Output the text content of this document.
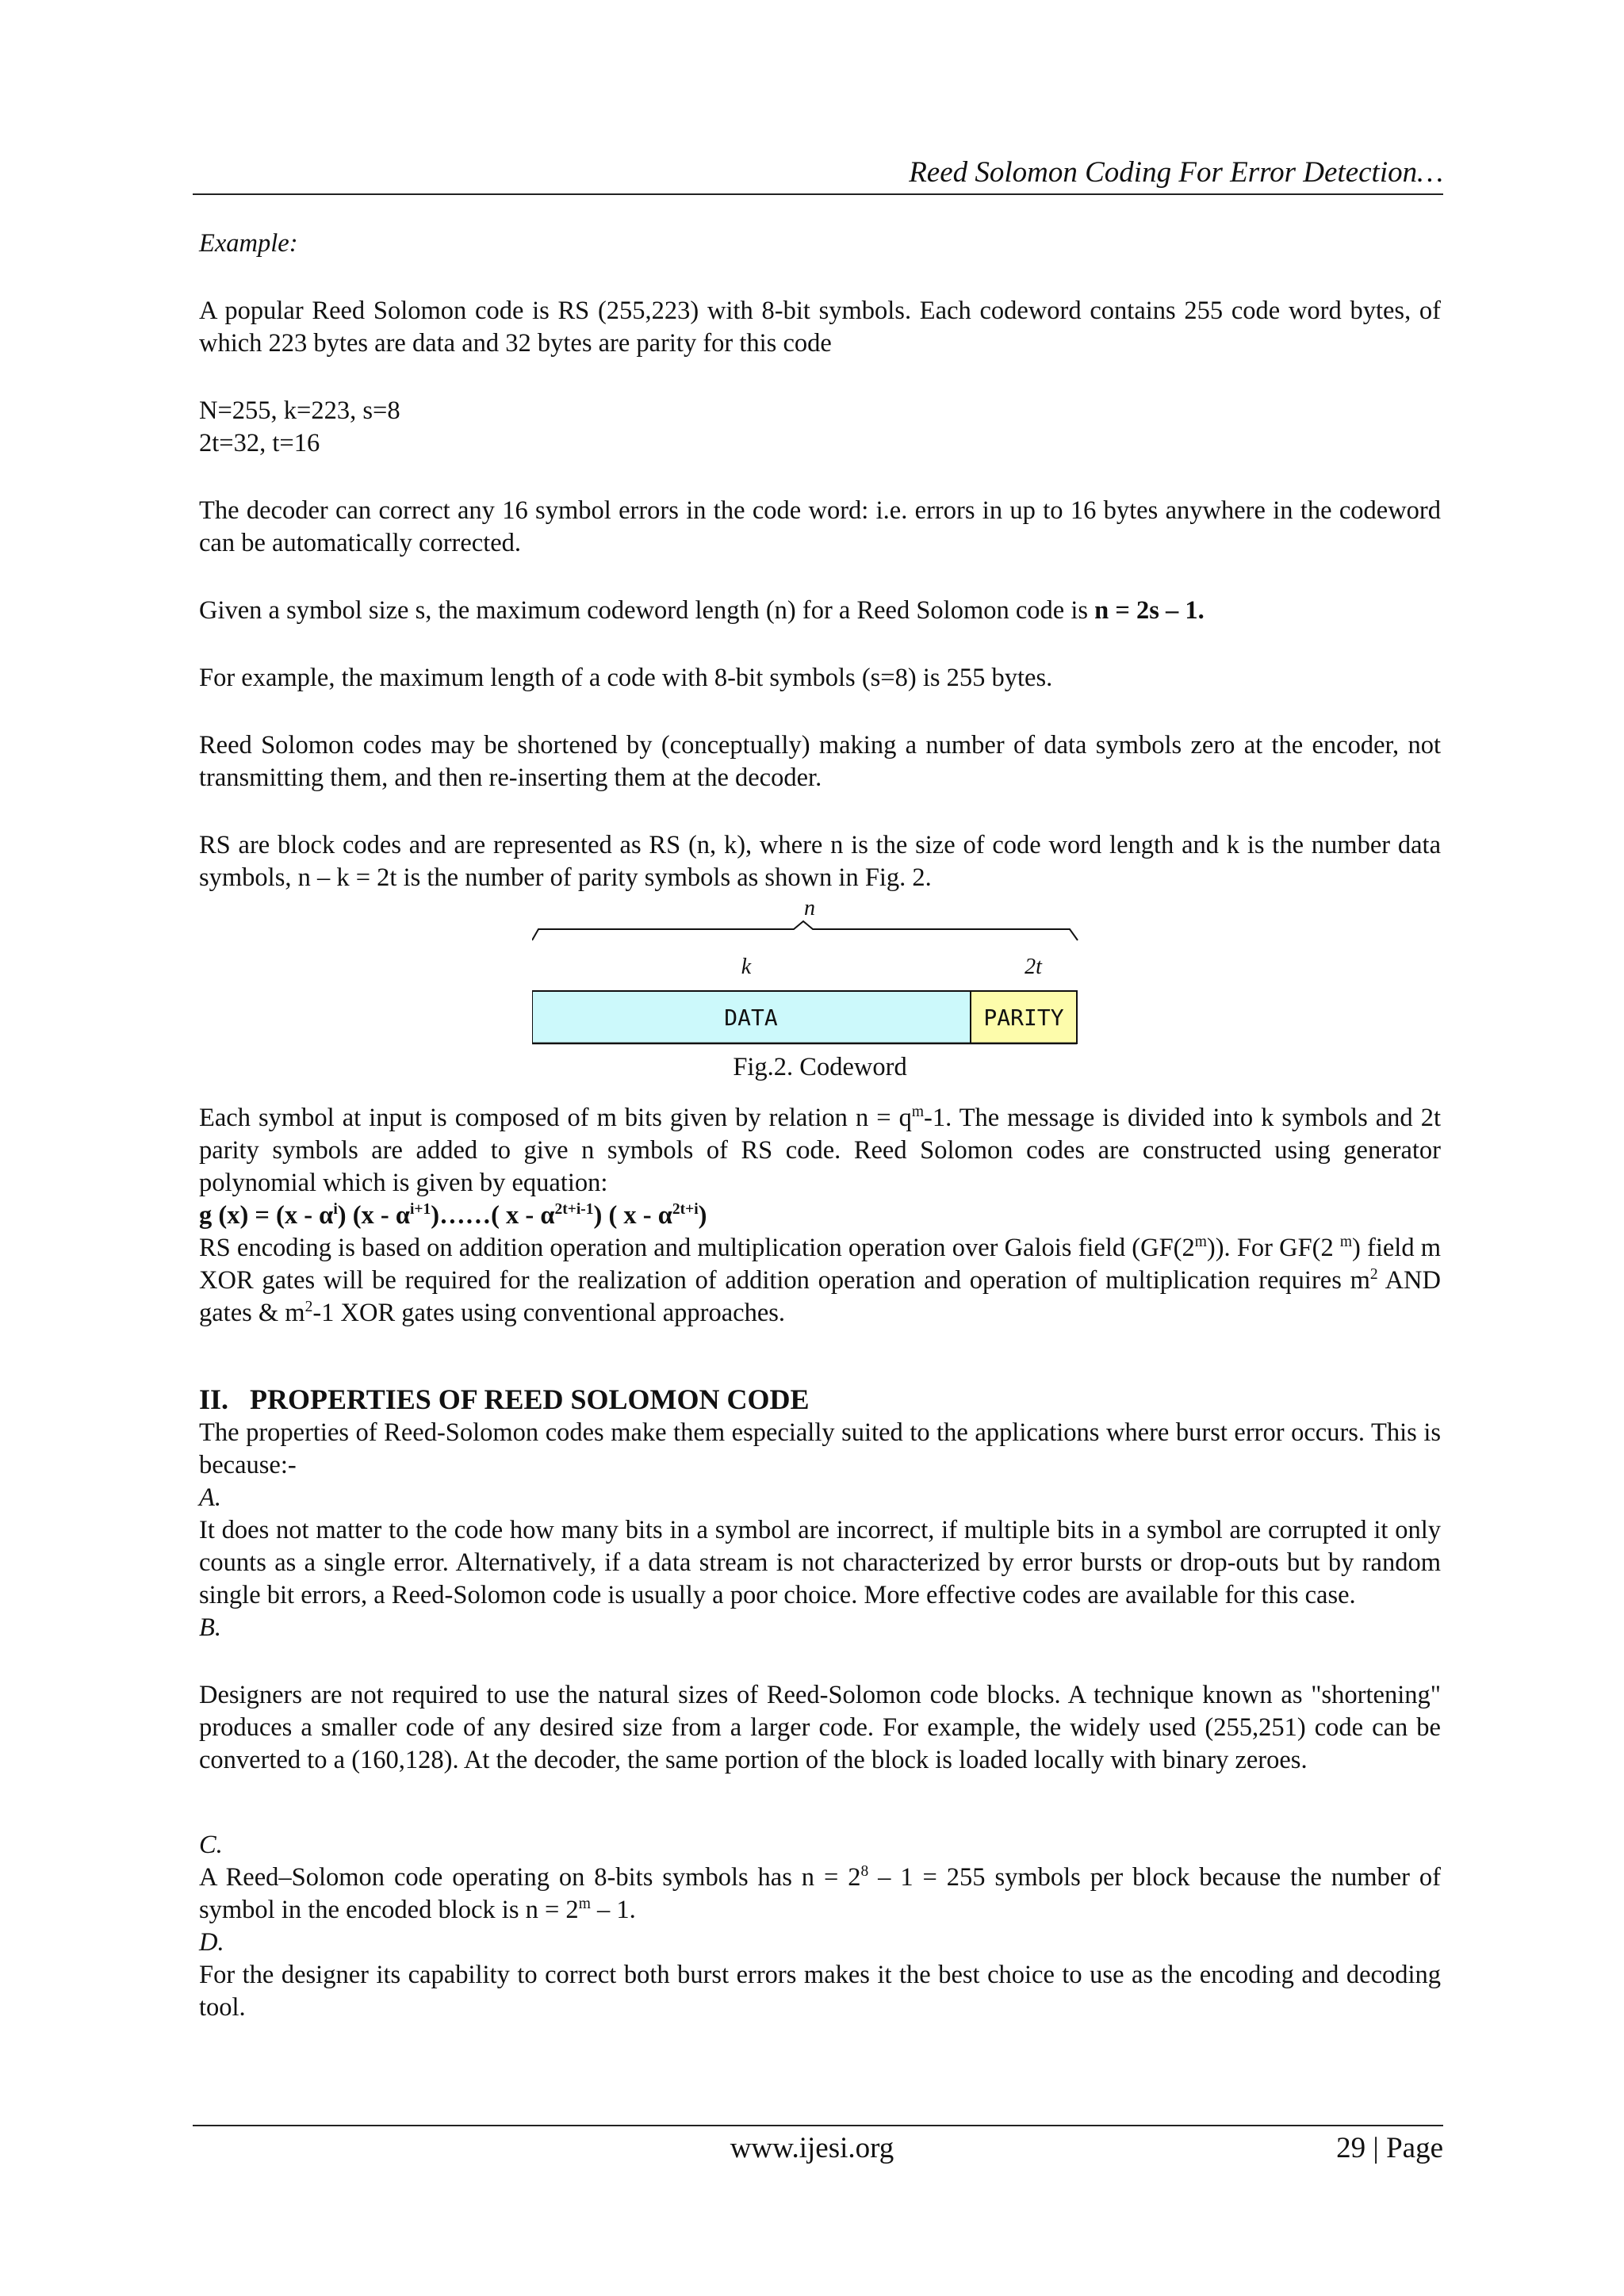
Reed Solomon Coding For Error Detection…

Example:

A popular Reed Solomon code is RS (255,223) with 8-bit symbols. Each codeword contains 255 code word bytes, of which 223 bytes are data and 32 bytes are parity for this code

N=255, k=223, s=8

2t=32, t=16

The decoder can correct any 16 symbol errors in the code word: i.e. errors in up to 16 bytes anywhere in the codeword can be automatically corrected.

Given a symbol size s, the maximum codeword length (n) for a Reed Solomon code is n = 2s – 1.

For example, the maximum length of a code with 8-bit symbols (s=8) is 255 bytes.

Reed Solomon codes may be shortened by (conceptually) making a number of data symbols zero at the encoder, not transmitting them, and then re-inserting them at the decoder.

RS are block codes and are represented as RS (n, k), where n is the size of code word length and k is the number data symbols, n – k = 2t is the number of parity symbols as shown in Fig. 2.

n
k	2t
DATA	PARITY
Fig.2. Codeword

Each symbol at input is composed of m bits given by relation $n = q^m-1$. The message is divided into k symbols and 2t parity symbols are added to give n symbols of RS code. Reed Solomon codes are constructed using generator polynomial which is given by equation:

g $(x) = (x - \alpha^i)$ $(x - \alpha^{i+1})\dots\dots$( x - $\alpha^{2t+i-1}$) ( x - $\alpha^{2t+i}$)

RS encoding is based on addition operation and multiplication operation over Galois field (GF(2$^m$)). For GF(2 $^m$) field m XOR gates will be required for the realization of addition operation and operation of multiplication requires $m^2$ AND gates & $m^2-1$ XOR gates using conventional approaches.

II.   PROPERTIES OF REED SOLOMON CODE

The properties of Reed-Solomon codes make them especially suited to the applications where burst error occurs. This is because:-

A.

It does not matter to the code how many bits in a symbol are incorrect, if multiple bits in a symbol are corrupted it only counts as a single error. Alternatively, if a data stream is not characterized by error bursts or drop-outs but by random single bit errors, a Reed-Solomon code is usually a poor choice. More effective codes are available for this case.

B.

Designers are not required to use the natural sizes of Reed-Solomon code blocks. A technique known as "shortening" produces a smaller code of any desired size from a larger code. For example, the widely used (255,251) code can be converted to a (160,128). At the decoder, the same portion of the block is loaded locally with binary zeroes.

C.

A Reed–Solomon code operating on 8-bits symbols has $n = 2^8 - 1 = 255$ symbols per block because the number of symbol in the encoded block is $n = 2^m - 1$.

D.

For the designer its capability to correct both burst errors makes it the best choice to use as the encoding and decoding tool.

www.ijesi.org	29 | Page
